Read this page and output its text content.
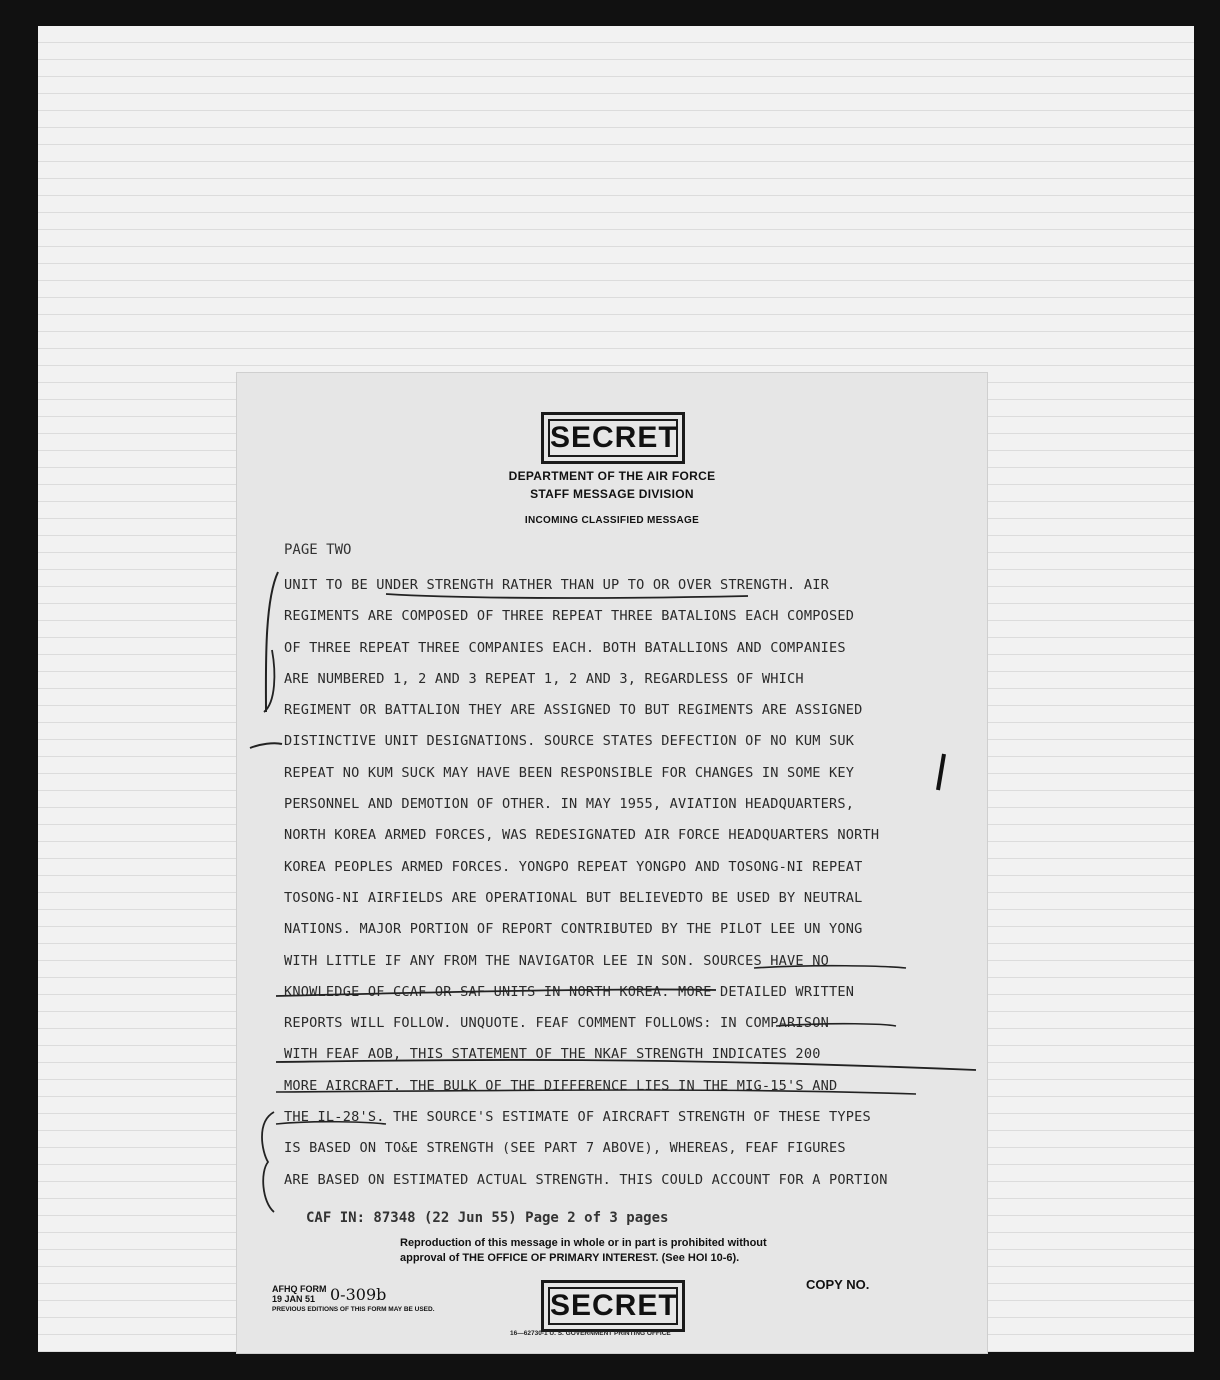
SECRET
DEPARTMENT OF THE AIR FORCE
STAFF MESSAGE DIVISION
INCOMING CLASSIFIED MESSAGE
PAGE TWO
UNIT TO BE UNDER STRENGTH RATHER THAN UP TO OR OVER STRENGTH. AIR
REGIMENTS ARE COMPOSED OF THREE REPEAT THREE BATALIONS EACH COMPOSED
OF THREE REPEAT THREE COMPANIES EACH. BOTH BATALLIONS AND COMPANIES
ARE NUMBERED 1, 2 AND 3 REPEAT 1, 2 AND 3, REGARDLESS OF WHICH
REGIMENT OR BATTALION THEY ARE ASSIGNED TO BUT REGIMENTS ARE ASSIGNED
DISTINCTIVE UNIT DESIGNATIONS. SOURCE STATES DEFECTION OF NO KUM SUK
REPEAT NO KUM SUCK MAY HAVE BEEN RESPONSIBLE FOR CHANGES IN SOME KEY
PERSONNEL AND DEMOTION OF OTHER. IN MAY 1955, AVIATION HEADQUARTERS,
NORTH KOREA ARMED FORCES, WAS REDESIGNATED AIR FORCE HEADQUARTERS NORTH
KOREA PEOPLES ARMED FORCES. YONGPO REPEAT YONGPO AND TOSONG-NI REPEAT
TOSONG-NI AIRFIELDS ARE OPERATIONAL BUT BELIEVEDTO BE USED BY NEUTRAL
NATIONS. MAJOR PORTION OF REPORT CONTRIBUTED BY THE PILOT LEE UN YONG
WITH LITTLE IF ANY FROM THE NAVIGATOR LEE IN SON. SOURCES HAVE NO
KNOWLEDGE OF CCAF OR SAF UNITS IN NORTH KOREA. MORE DETAILED WRITTEN
REPORTS WILL FOLLOW. UNQUOTE. FEAF COMMENT FOLLOWS: IN COMPARISON
WITH FEAF AOB, THIS STATEMENT OF THE NKAF STRENGTH INDICATES 200
MORE AIRCRAFT. THE BULK OF THE DIFFERENCE LIES IN THE MIG-15'S AND
THE IL-28'S. THE SOURCE'S ESTIMATE OF AIRCRAFT STRENGTH OF THESE TYPES
IS BASED ON TO&E STRENGTH (SEE PART 7 ABOVE), WHEREAS, FEAF FIGURES
ARE BASED ON ESTIMATED ACTUAL STRENGTH. THIS COULD ACCOUNT FOR A PORTION
CAF IN: 87348 (22 Jun 55) Page 2 of 3 pages
Reproduction of this message in whole or in part is prohibited without
approval of THE OFFICE OF PRIMARY INTEREST. (See HOI 10-6).
COPY NO.
AFHQ FORM
19 JAN 51 0-309b
PREVIOUS EDITIONS OF THIS FORM MAY BE USED.	SECRET
16—62730-1 U. S. GOVERNMENT PRINTING OFFICE
